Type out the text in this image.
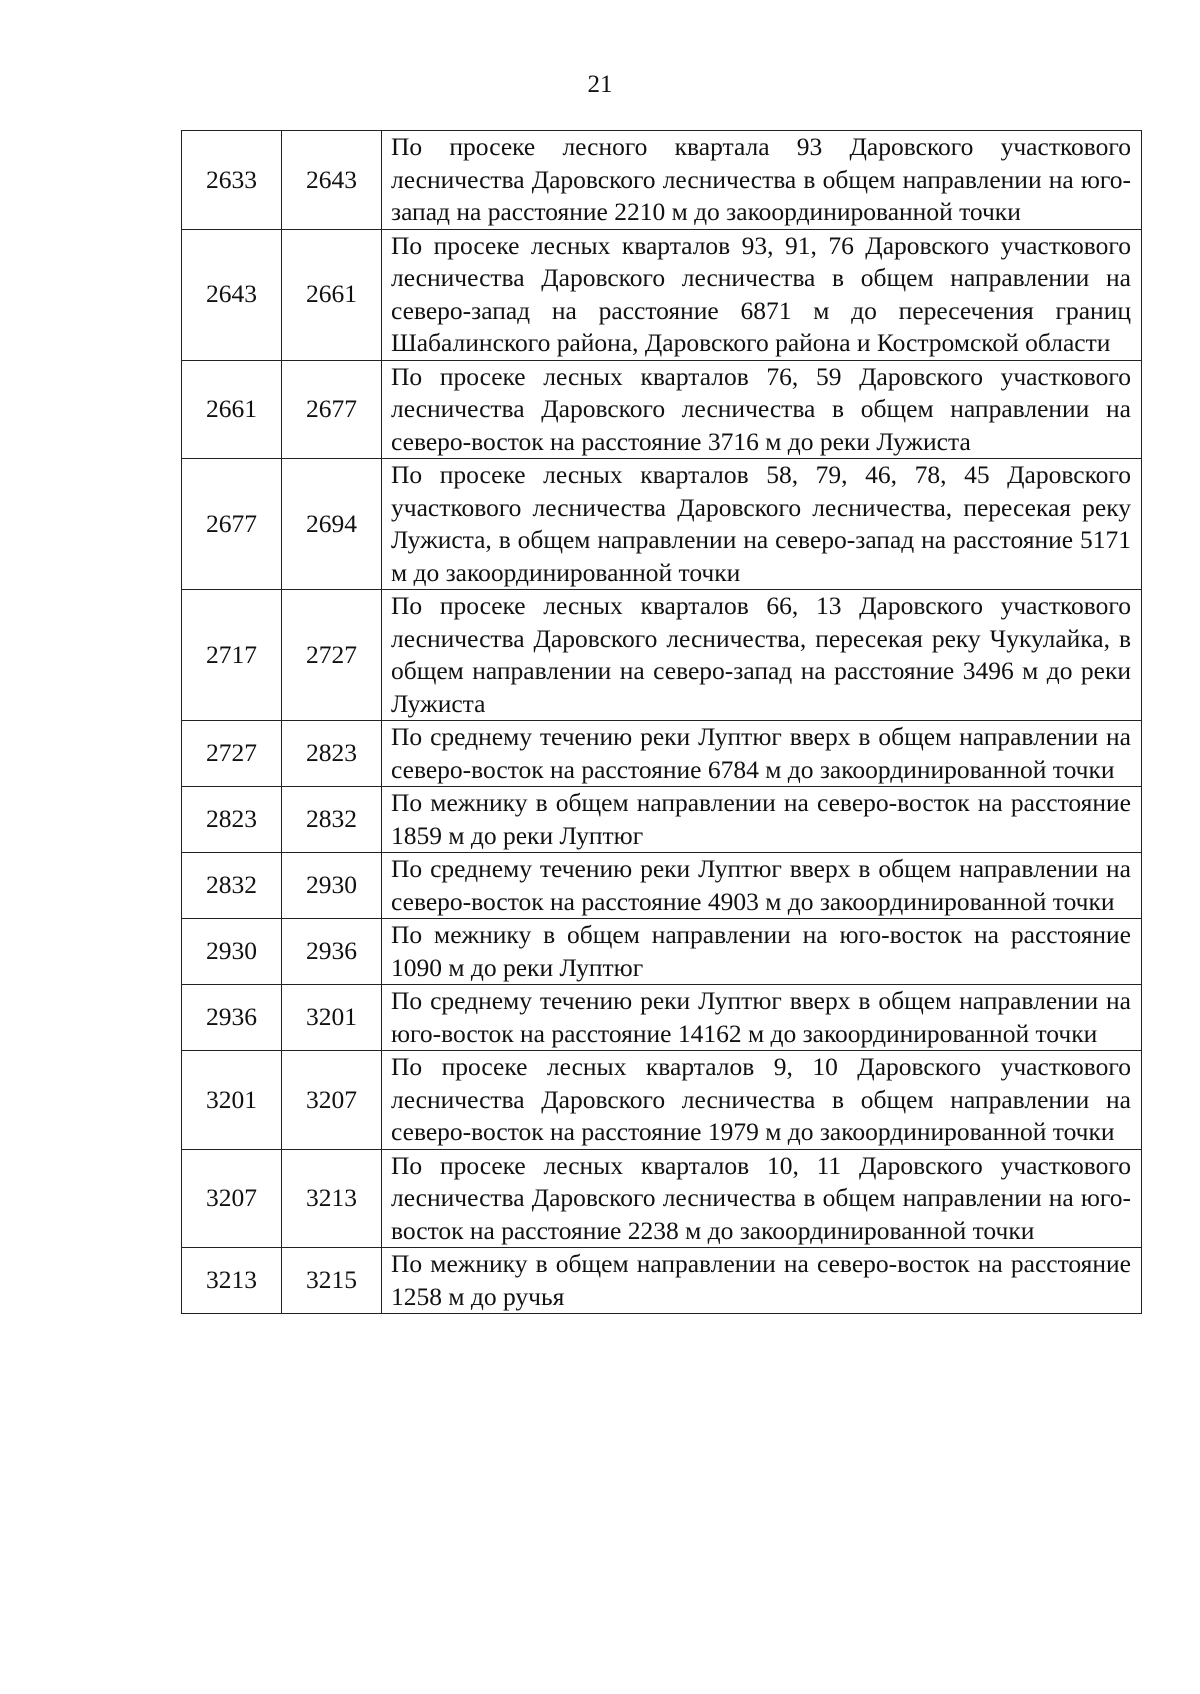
21
2633	2643	По просеке лесного квартала 93 Даровского участкового лесничества Даровского лесничества в общем направлении на юго-запад на расстояние 2210 м до закоординированной точки
2643	2661	По просеке лесных кварталов 93, 91, 76 Даровского участкового лесничества Даровского лесничества в общем направлении на северо-запад на расстояние 6871 м до пересечения границ Шабалинского района, Даровского района и Костромской области
2661	2677	По просеке лесных кварталов 76, 59 Даровского участкового лесничества Даровского лесничества в общем направлении на северо-восток на расстояние 3716 м до реки Лужиста
2677	2694	По просеке лесных кварталов 58, 79, 46, 78, 45 Даровского участкового лесничества Даровского лесничества, пересекая реку Лужиста, в общем направлении на северо-запад на расстояние 5171 м до закоординированной точки
2717	2727	По просеке лесных кварталов 66, 13 Даровского участкового лесничества Даровского лесничества, пересекая реку Чукулайка, в общем направлении на северо-запад на расстояние 3496 м до реки Лужиста
2727	2823	По среднему течению реки Луптюг вверх в общем направлении на северо-восток на расстояние 6784 м до закоординированной точки
2823	2832	По межнику в общем направлении на северо-восток на расстояние 1859 м до реки Луптюг
2832	2930	По среднему течению реки Луптюг вверх в общем направлении на северо-восток на расстояние 4903 м до закоординированной точки
2930	2936	По межнику в общем направлении на юго-восток на расстояние 1090 м до реки Луптюг
2936	3201	По среднему течению реки Луптюг вверх в общем направлении на юго-восток на расстояние 14162 м до закоординированной точки
3201	3207	По просеке лесных кварталов 9, 10 Даровского участкового лесничества Даровского лесничества в общем направлении на северо-восток на расстояние 1979 м до закоординированной точки
3207	3213	По просеке лесных кварталов 10, 11 Даровского участкового лесничества Даровского лесничества в общем направлении на юго-восток на расстояние 2238 м до закоординированной точки
3213	3215	По межнику в общем направлении на северо-восток на расстояние 1258 м до ручья
